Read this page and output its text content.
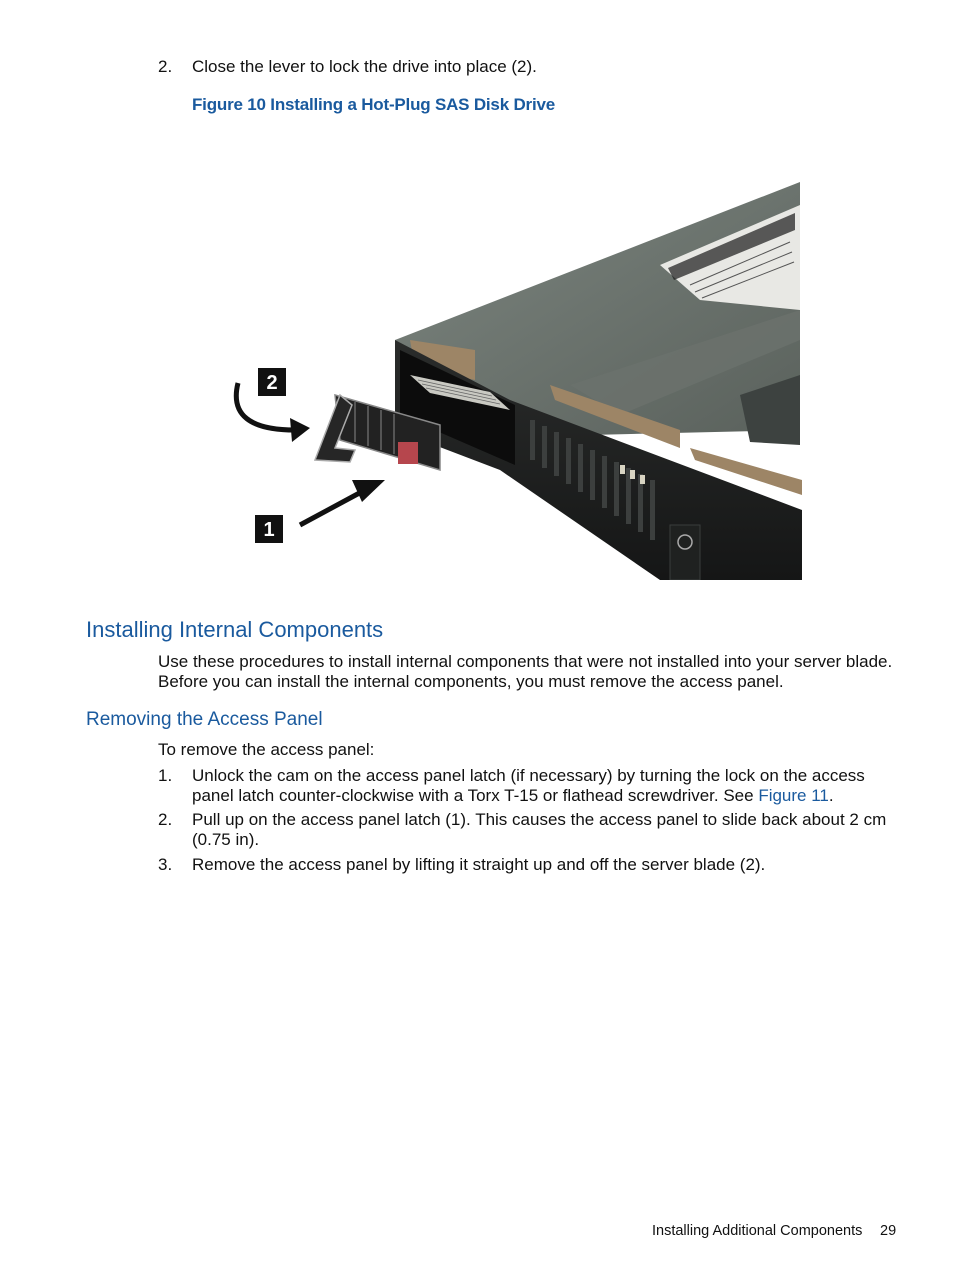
2. Close the lever to lock the drive into place (2).
Figure 10 Installing a Hot-Plug SAS Disk Drive
2
1
Installing Internal Components
Use these procedures to install internal components that were not installed into your server blade. Before you can install the internal components, you must remove the access panel.
Removing the Access Panel
To remove the access panel:
1. Unlock the cam on the access panel latch (if necessary) by turning the lock on the access panel latch counter-clockwise with a Torx T-15 or flathead screwdriver. See Figure 11.
2. Pull up on the access panel latch (1). This causes the access panel to slide back about 2 cm (0.75 in).
3. Remove the access panel by lifting it straight up and off the server blade (2).
Installing Additional Components 29
